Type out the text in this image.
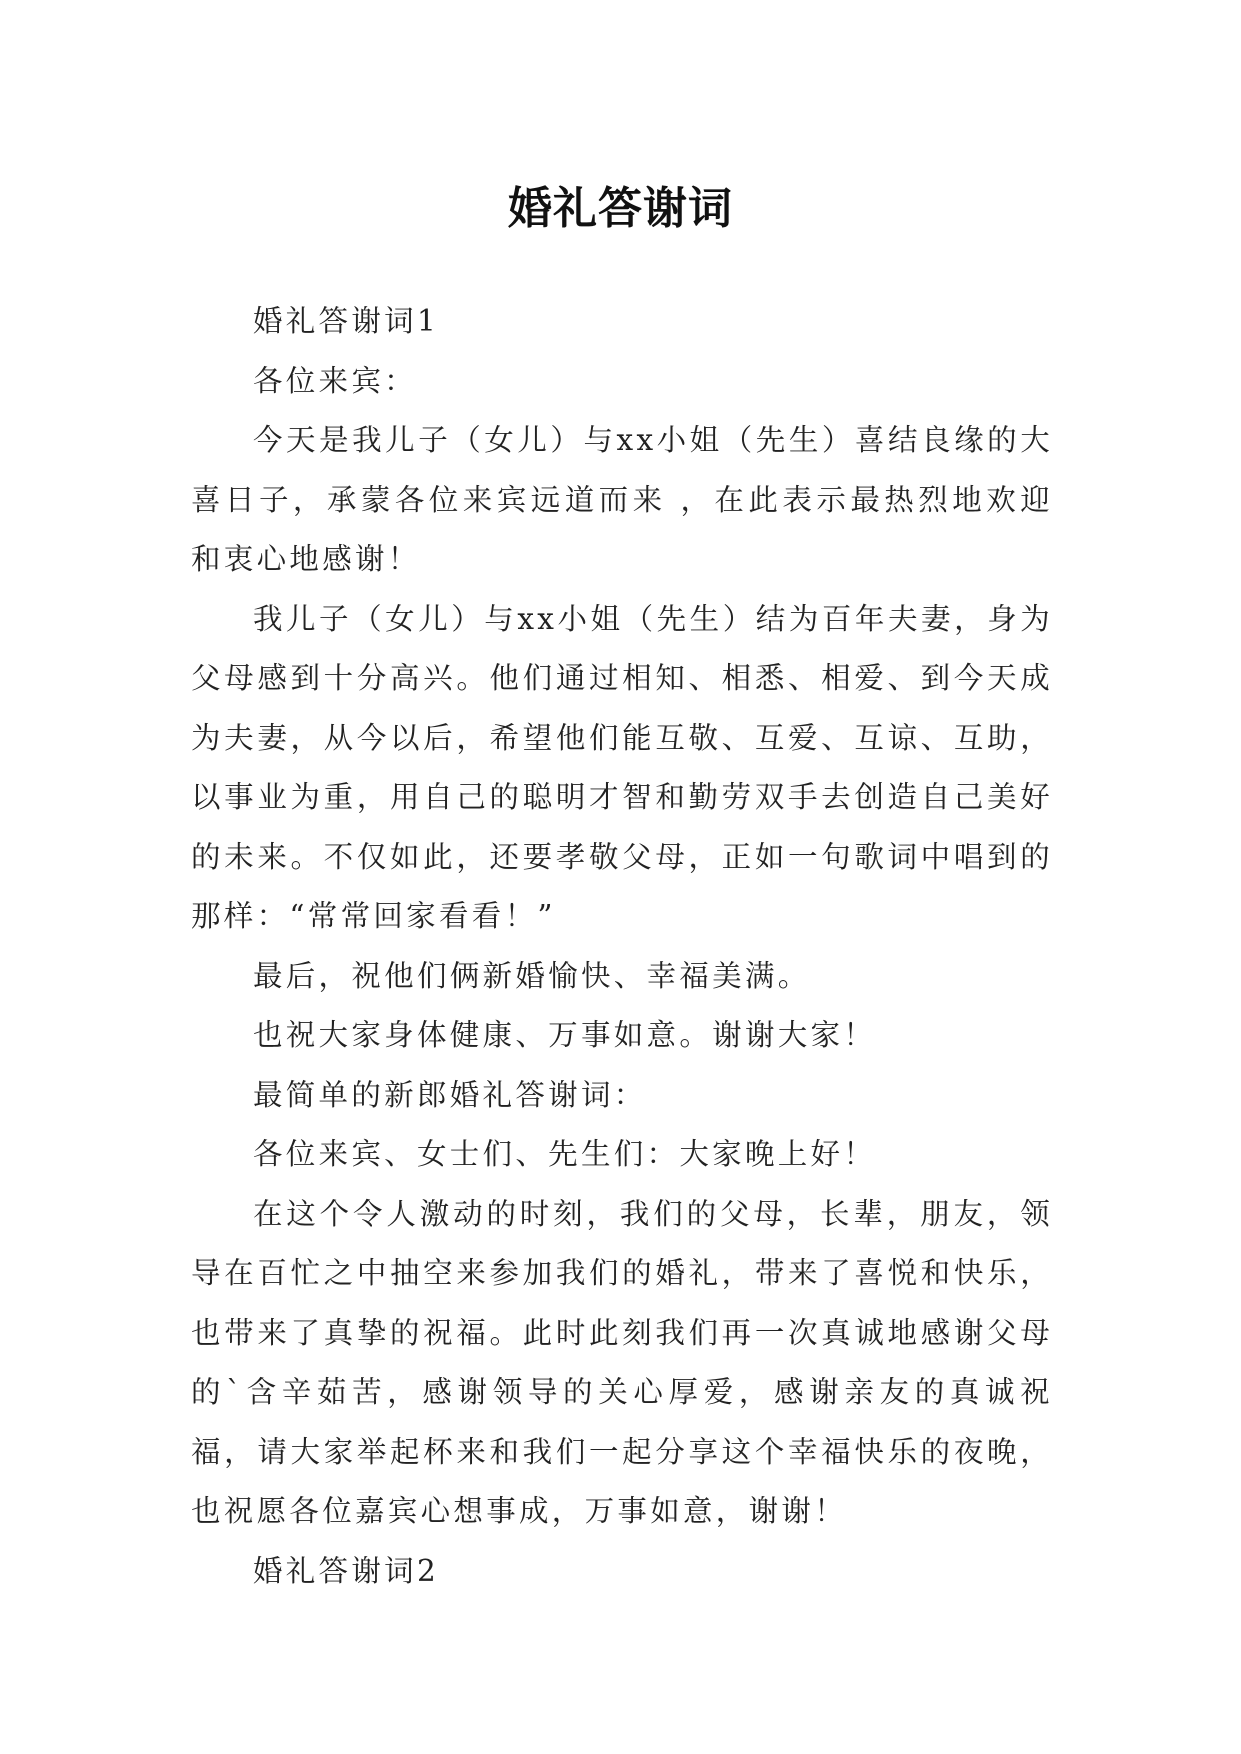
婚礼答谢词

婚礼答谢词1

各位来宾：

今天是我儿子（女儿）与xx小姐（先生）喜结良缘的大喜日子，承蒙各位来宾远道而来 ，在此表示最热烈地欢迎和衷心地感谢！

我儿子（女儿）与xx小姐（先生）结为百年夫妻，身为父母感到十分高兴。他们通过相知、相悉、相爱、到今天成为夫妻，从今以后，希望他们能互敬、互爱、互谅、互助，以事业为重，用自己的聪明才智和勤劳双手去创造自己美好的未来。不仅如此，还要孝敬父母，正如一句歌词中唱到的那样：“常常回家看看！”

最后，祝他们俩新婚愉快、幸福美满。

也祝大家身体健康、万事如意。谢谢大家！

最简单的新郎婚礼答谢词：

各位来宾、女士们、先生们：大家晚上好！

在这个令人激动的时刻，我们的父母，长辈，朋友，领导在百忙之中抽空来参加我们的婚礼，带来了喜悦和快乐，也带来了真挚的祝福。此时此刻我们再一次真诚地感谢父母的`含辛茹苦，感谢领导的关心厚爱，感谢亲友的真诚祝福，请大家举起杯来和我们一起分享这个幸福快乐的夜晚，也祝愿各位嘉宾心想事成，万事如意，谢谢！

婚礼答谢词2
